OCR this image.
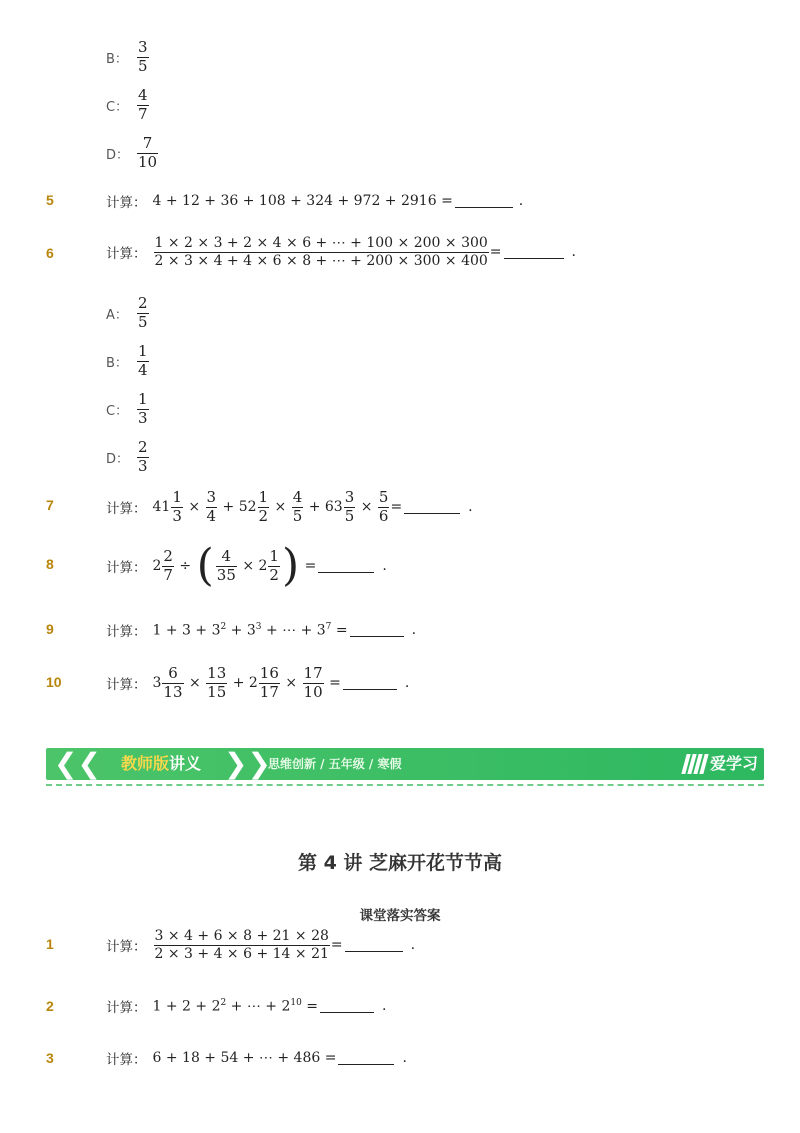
B： $\frac{3}{5}$
C： $\frac{4}{7}$
D： $\frac{7}{10}$
5	计算： 4 + 12 + 36 + 108 + 324 + 972 + 2916 =	.
6	计算： $\frac{1 \times 2 \times 3 + 2 \times 4 \times 6 + \cdots + 100 \times 200 \times 300}{2 \times 3 \times 4 + 4 \times 6 \times 8 + \cdots + 200 \times 300 \times 400}$ =	.
A： $\frac{2}{5}$
B： $\frac{1}{4}$
C： $\frac{1}{3}$
D： $\frac{2}{3}$
7	计算： $41 \frac{1}{3} \times \frac{3}{4} + 52 \frac{1}{2} \times \frac{4}{5} + 63 \frac{3}{5} \times \frac{5}{6}$ =	.
8	计算： $2 \frac{2}{7}$ ÷ ( $\frac{4}{35} \times 2 \frac{1}{2}$ ) =	.
9	计算： $1 + 3 + 3^2 + 3^3$ + ⋯ + $3^7$ =	.
10	计算： $3 \frac{6}{13} \times \frac{13}{15} + 2 \frac{16}{17} \times \frac{17}{10}$ =	.
❮❮ 教师版讲义 ❯❯
思维创新 / 五年级 / 寒假	爱学习
第 4 讲 芝麻开花节节高
课堂落实答案
1	计算： $\frac{3 \times 4 + 6 \times 8 + 21 \times 28}{2 \times 3 + 4 \times 6 + 14 \times 21}$ =	.
2	计算： $1 + 2 + 2^2$ + ⋯ + $2^{10}$ =	.
3	计算： 6 + 18 + 54 + ⋯ + 486 =	.
